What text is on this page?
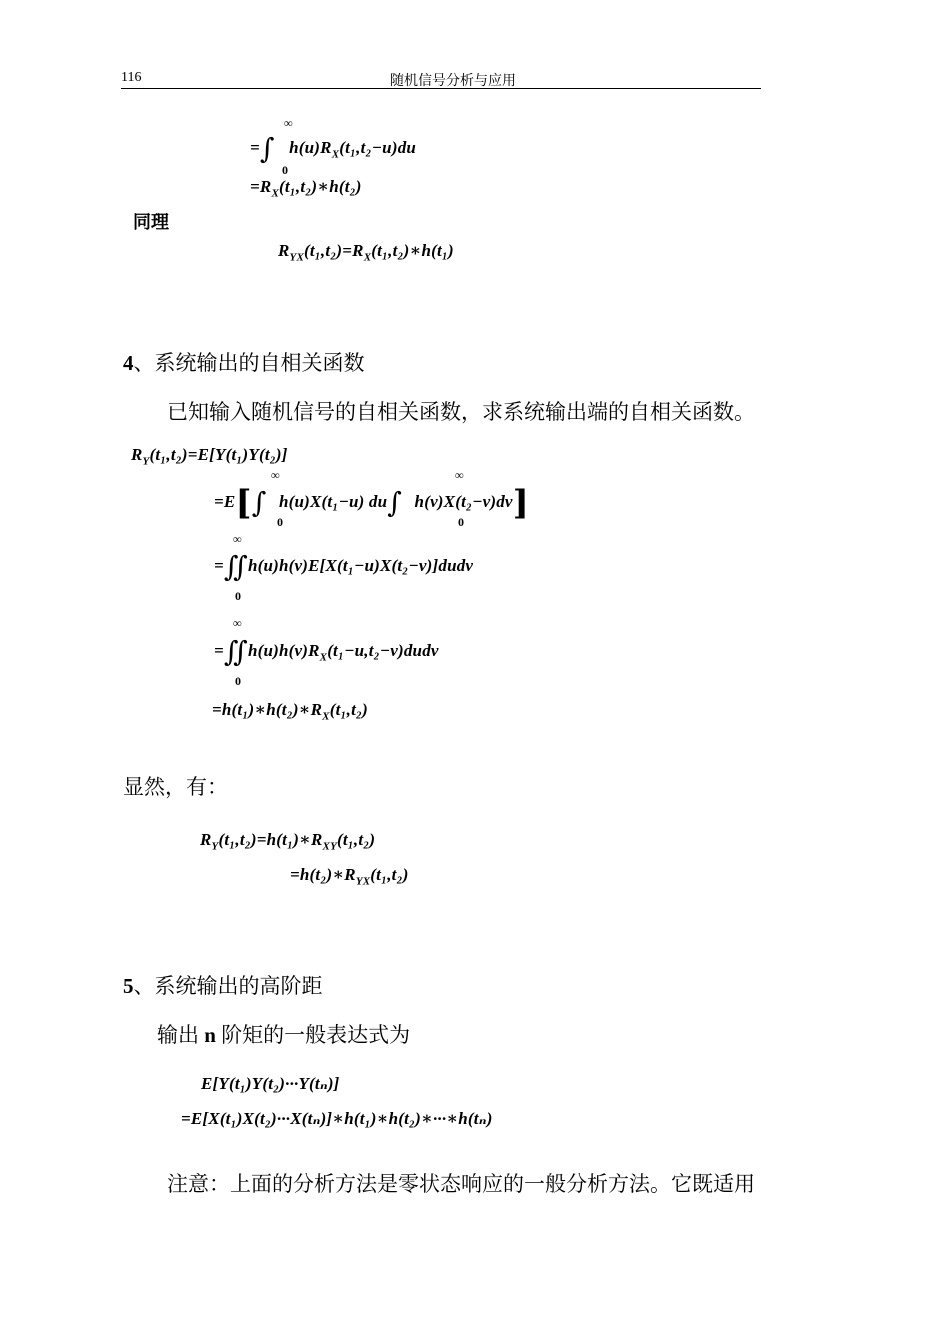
116	随机信号分析与应用
∞
=∫ $h(u)R_X(t_1,t_2-u)du$
0
$=R_X(t_1,t_2)∗h(t_2)$
同理
$R_{YX}(t_1,t_2)=R_X(t_1,t_2)∗h(t_1)$
4、系统输出的自相关函数
已知输入随机信号的自相关函数，求系统输出端的自相关函数。
$R_Y(t_1,t_2)=E[Y(t_1)Y(t_2)]$
∞	∞
=E[∫ h(u)X(t₁−u) du∫ h(v)X(t₂−v)dv]
0	0
∞
=∬h(u)h(v)E[X(t₁−u)X(t₂−v)]dudv
0
∞
$=∬h(u)h(v)R_X(t_1-u,t_2-v)dudv$
0
$=h(t_1)∗h(t_2)∗R_X(t_1,t_2)$
显然，有：
$R_Y(t_1,t_2)=h(t_1)∗R_{XY}(t_1,t_2)$
$=h(t_2)∗R_{YX}(t_1,t_2)$
5、系统输出的高阶距
输出 n 阶矩的一般表达式为
E[Y(t₁)Y(t₂)···Y(tₙ)]
=E[X(t₁)X(t₂)···X(tₙ)]∗h(t₁)∗h(t₂)∗···∗h(tₙ)
注意：上面的分析方法是零状态响应的一般分析方法。它既适用
